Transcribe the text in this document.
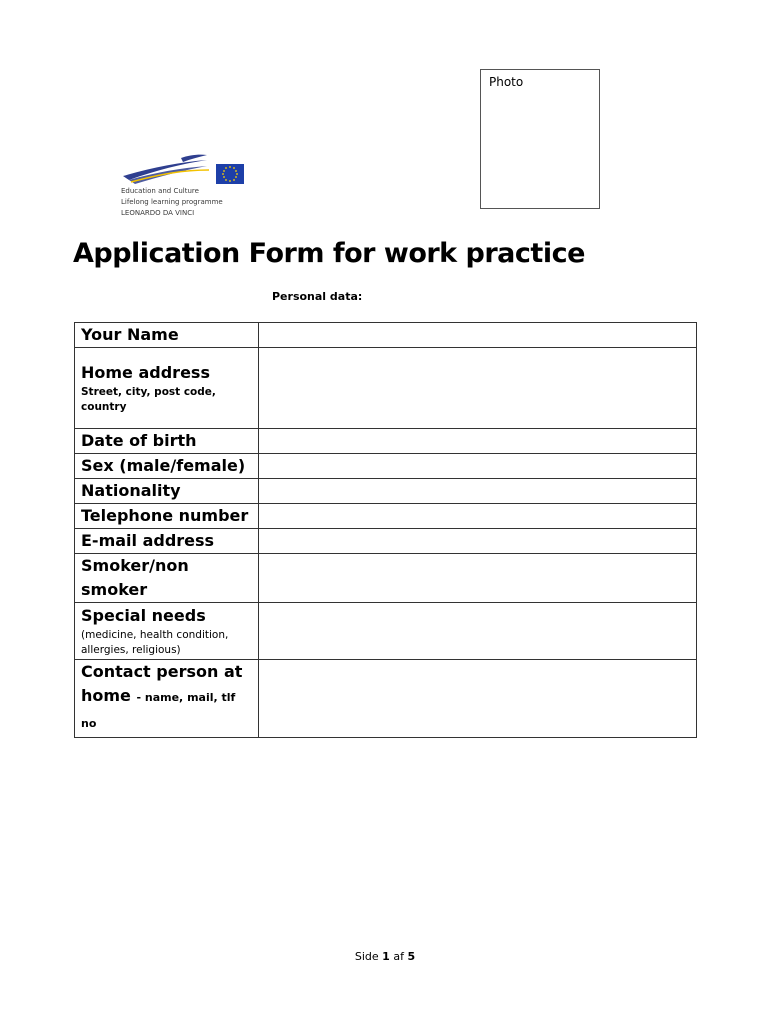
Photo
Education and Culture
Lifelong learning programme
LEONARDO DA VINCI
Application Form for work practice
Personal data:
Your Name	

Home address
Street, city, post code, country

Date of birth	

Sex (male/female)	

Nationality	

Telephone number	

E-mail address	

Smoker/non smoker	

Special needs
(medicine, health condition, allergies, religious)

Contact person at home - name, mail, tlf no	
Side 1 af 5
